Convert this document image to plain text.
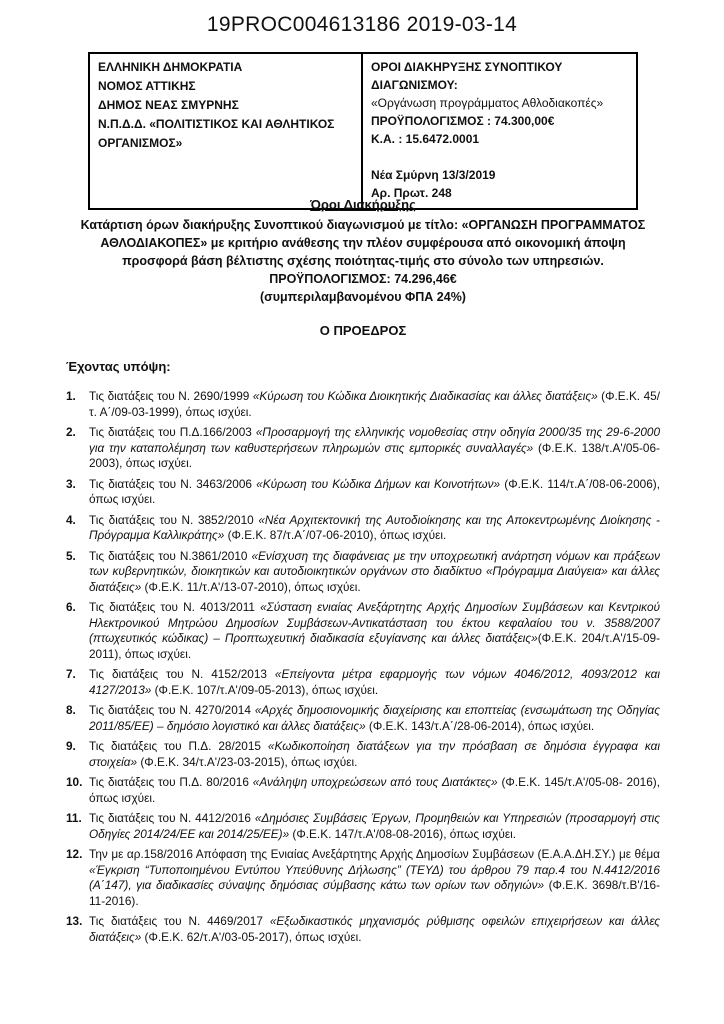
19PROC004613186 2019-03-14
ΕΛΛΗΝΙΚΗ ΔΗΜΟΚΡΑΤΙΑ
ΝΟΜΟΣ ΑΤΤΙΚΗΣ
ΔΗΜΟΣ ΝΕΑΣ ΣΜΥΡΝΗΣ
Ν.Π.Δ.Δ. «ΠΟΛΙΤΙΣΤΙΚΟΣ ΚΑΙ ΑΘΛΗΤΙΚΟΣ ΟΡΓΑΝΙΣΜΟΣ»
ΟΡΟΙ ΔΙΑΚΗΡΥΞΗΣ ΣΥΝΟΠΤΙΚΟΥ ΔΙΑΓΩΝΙΣΜΟΥ:
«Οργάνωση προγράμματος Αθλοδιακοπές»
ΠΡΟΫΠΟΛΟΓΙΣΜΟΣ : 74.300,00€
Κ.Α. : 15.6472.0001

Νέα Σμύρνη 13/3/2019
Αρ. Πρωτ. 248
Όροι Διακήρυξης
Κατάρτιση όρων διακήρυξης Συνοπτικού διαγωνισμού με τίτλο: «ΟΡΓΑΝΩΣΗ ΠΡΟΓΡΑΜΜΑΤΟΣ ΑΘΛΟΔΙΑΚΟΠΕΣ» με κριτήριο ανάθεσης την πλέον συμφέρουσα από οικονομική άποψη προσφορά βάση βέλτιστης σχέσης ποιότητας-τιμής στο σύνολο των υπηρεσιών.
ΠΡΟΫΠΟΛΟΓΙΣΜΟΣ: 74.296,46€
(συμπεριλαμβανομένου ΦΠΑ 24%)
Ο ΠΡΟΕΔΡΟΣ
Έχοντας υπόψη:
1.	Τις διατάξεις του Ν. 2690/1999 «Κύρωση του Κώδικα Διοικητικής Διαδικασίας και άλλες διατάξεις» (Φ.Ε.Κ. 45/τ. Α΄/09-03-1999), όπως ισχύει.
2.	Τις διατάξεις του Π.Δ.166/2003 «Προσαρμογή της ελληνικής νομοθεσίας στην οδηγία 2000/35 της 29-6-2000 για την καταπολέμηση των καθυστερήσεων πληρωμών στις εμπορικές συναλλαγές» (Φ.Ε.Κ. 138/τ.Α'/05-06-2003), όπως ισχύει.
3.	Τις διατάξεις του Ν. 3463/2006 «Κύρωση του Κώδικα Δήμων και Κοινοτήτων» (Φ.Ε.Κ. 114/τ.Α΄/08-06-2006), όπως ισχύει.
4.	Τις διατάξεις του Ν. 3852/2010 «Νέα Αρχιτεκτονική της Αυτοδιοίκησης και της Αποκεντρωμένης Διοίκησης - Πρόγραμμα Καλλικράτης» (Φ.Ε.Κ. 87/τ.Α΄/07-06-2010), όπως ισχύει.
5.	Τις διατάξεις του Ν.3861/2010 «Ενίσχυση της διαφάνειας με την υποχρεωτική ανάρτηση νόμων και πράξεων των κυβερνητικών, διοικητικών και αυτοδιοικητικών οργάνων στο διαδίκτυο «Πρόγραμμα Διαύγεια» και άλλες διατάξεις» (Φ.Ε.Κ. 11/τ.Α'/13-07-2010), όπως ισχύει.
6.	Τις διατάξεις του Ν. 4013/2011 «Σύσταση ενιαίας Ανεξάρτητης Αρχής Δημοσίων Συμβάσεων και Κεντρικού Ηλεκτρονικού Μητρώου Δημοσίων Συμβάσεων-Αντικατάσταση του έκτου κεφαλαίου του ν. 3588/2007 (πτωχευτικός κώδικας) – Προπτωχευτική διαδικασία εξυγίανσης και άλλες διατάξεις»(Φ.Ε.Κ. 204/τ.Α'/15-09-2011), όπως ισχύει.
7.	Τις διατάξεις του Ν. 4152/2013 «Επείγοντα μέτρα εφαρμογής των νόμων 4046/2012, 4093/2012 και 4127/2013» (Φ.Ε.Κ. 107/τ.Α'/09-05-2013), όπως ισχύει.
8.	Τις διατάξεις του Ν. 4270/2014 «Αρχές δημοσιονομικής διαχείρισης και εποπτείας (ενσωμάτωση της Οδηγίας 2011/85/ΕΕ) – δημόσιο λογιστικό και άλλες διατάξεις» (Φ.Ε.Κ. 143/τ.Α΄/28-06-2014), όπως ισχύει.
9.	Τις διατάξεις του Π.Δ. 28/2015 «Κωδικοποίηση διατάξεων για την πρόσβαση σε δημόσια έγγραφα και στοιχεία» (Φ.Ε.Κ. 34/τ.Α'/23-03-2015), όπως ισχύει.
10. Τις διατάξεις του Π.Δ. 80/2016 «Ανάληψη υποχρεώσεων από τους Διατάκτες» (Φ.Ε.Κ. 145/τ.Α'/05-08- 2016), όπως ισχύει.
11. Τις διατάξεις του Ν. 4412/2016 «Δημόσιες Συμβάσεις Έργων, Προμηθειών και Υπηρεσιών (προσαρμογή στις Οδηγίες 2014/24/ΕΕ και 2014/25/ΕΕ)» (Φ.Ε.Κ. 147/τ.Α'/08-08-2016), όπως ισχύει.
12. Την με αρ.158/2016 Απόφαση της Ενιαίας Ανεξάρτητης Αρχής Δημοσίων Συμβάσεων (Ε.Α.Α.ΔΗ.ΣΥ.) με θέμα «Έγκριση “Τυποποιημένου Εντύπου Υπεύθυνης Δήλωσης” (ΤΕΥΔ) του άρθρου 79 παρ.4 του Ν.4412/2016 (Α΄147), για διαδικασίες σύναψης δημόσιας σύμβασης κάτω των ορίων των οδηγιών» (Φ.Ε.Κ. 3698/τ.Β'/16-11-2016).
13. Τις διατάξεις του Ν. 4469/2017 «Εξωδικαστικός μηχανισμός ρύθμισης οφειλών επιχειρήσεων και άλλες διατάξεις» (Φ.Ε.Κ. 62/τ.Α'/03-05-2017), όπως ισχύει.
